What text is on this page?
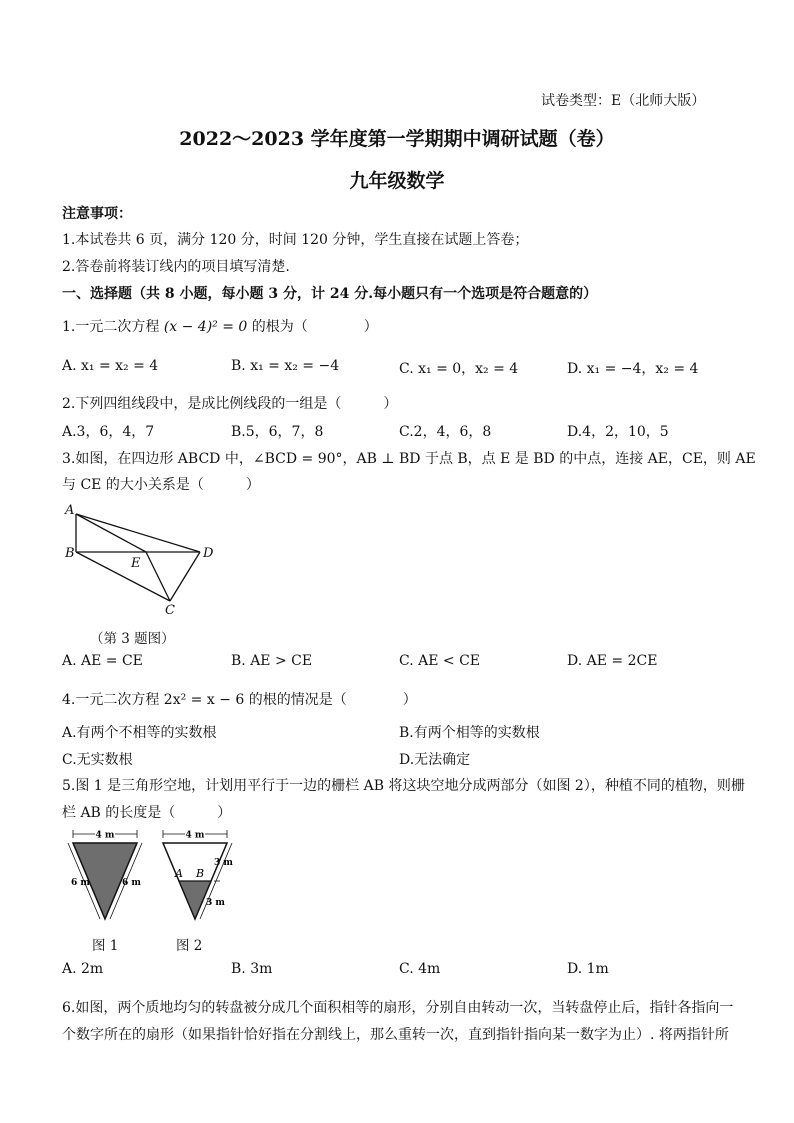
试卷类型：E（北师大版）
2022～2023 学年度第一学期期中调研试题（卷）
九年级数学
注意事项：
1.本试卷共 6 页，满分 120 分，时间 120 分钟，学生直接在试题上答卷；
2.答卷前将装订线内的项目填写清楚.
一、选择题（共 8 小题，每小题 3 分，计 24 分.每小题只有一个选项是符合题意的）
1.一元二次方程 (x − 4)² = 0 的根为（　　　　）
A. x₁ = x₂ = 4	B. x₁ = x₂ = −4	C. x₁ = 0，x₂ = 4	D. x₁ = −4，x₂ = 4
2.下列四组线段中，是成比例线段的一组是（　　　）
A.3，6，4，7	B.5，6，7，8	C.2，4，6，8	D.4，2，10，5
3.如图，在四边形 ABCD 中，∠BCD = 90°，AB ⊥ BD 于点 B，点 E 是 BD 的中点，连接 AE，CE，则 AE
与 CE 的大小关系是（　　　）
A
B
E
D
C
（第 3 题图）
A. AE = CE	B. AE > CE	C. AE < CE	D. AE = 2CE
4.一元二次方程 2x² = x − 6 的根的情况是（　　　　）
A.有两个不相等的实数根	B.有两个相等的实数根
C.无实数根	D.无法确定
5.图 1 是三角形空地，计划用平行于一边的栅栏 AB 将这块空地分成两部分（如图 2），种植不同的植物，则栅
栏 AB 的长度是（　　　）
4 m
6 m	6 m
图 1
4 m
3 m
3 m
A B
图 2
A. 2m	B. 3m	C. 4m	D. 1m
6.如图，两个质地均匀的转盘被分成几个面积相等的扇形，分别自由转动一次，当转盘停止后，指针各指向一
个数字所在的扇形（如果指针恰好指在分割线上，那么重转一次，直到指针指向某一数字为止）. 将两指针所
